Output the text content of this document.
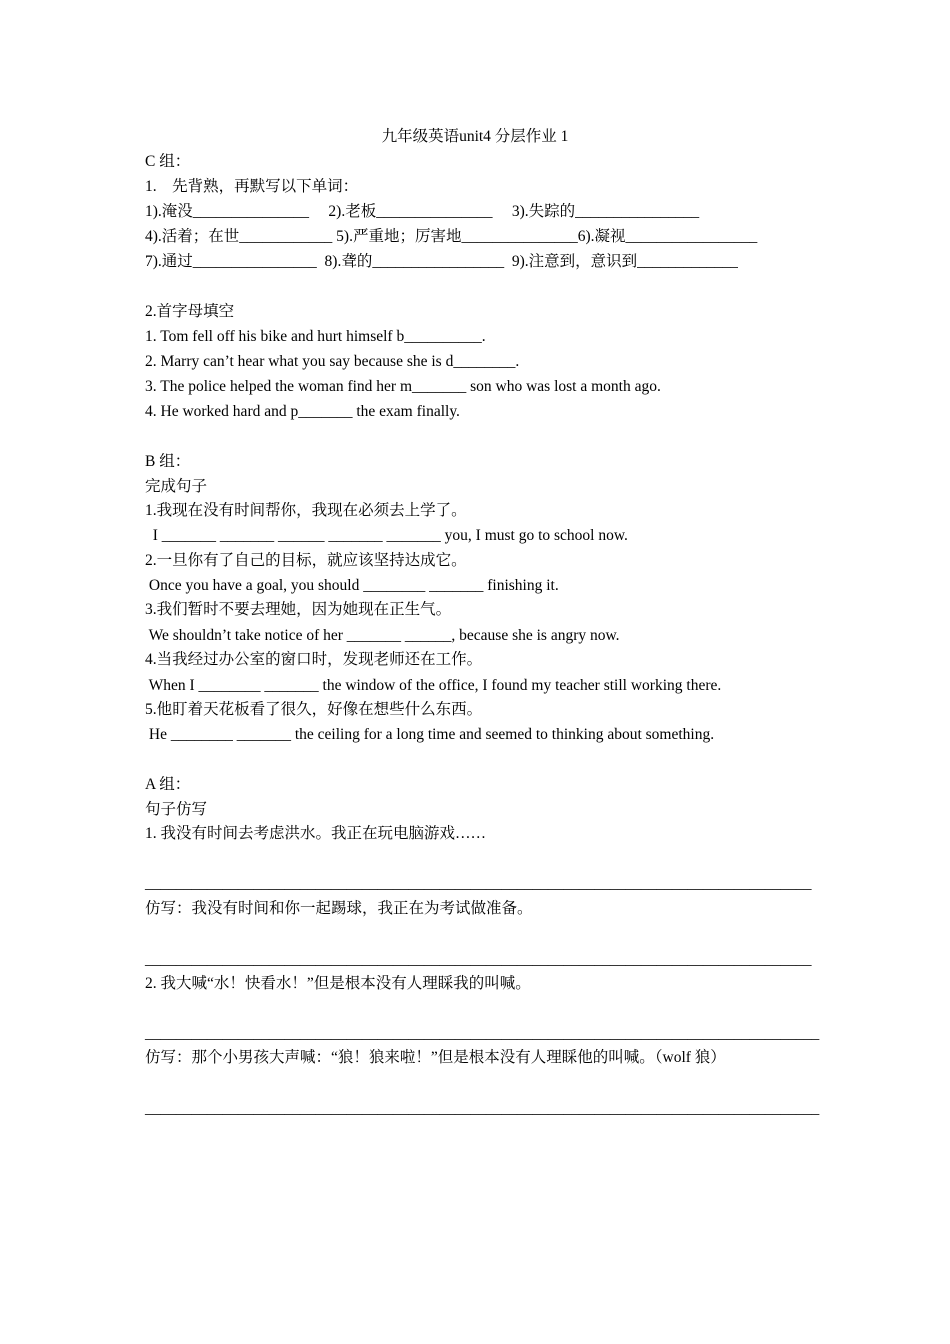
九年级英语unit4 分层作业 1
C 组：
1.    先背熟，再默写以下单词：
1).淹没_______________     2).老板_______________     3).失踪的________________
4).活着；在世____________ 5).严重地；厉害地_______________6).凝视_________________
7).通过________________  8).聋的_________________  9).注意到，意识到_____________
2.首字母填空
1. Tom fell off his bike and hurt himself b__________.
2. Marry can’t hear what you say because she is d________.
3. The police helped the woman find her m_______ son who was lost a month ago.
4. He worked hard and p_______ the exam finally.
B 组：
完成句子
1.我现在没有时间帮你，我现在必须去上学了。
I _______ _______ ______ _______ _______ you, I must go to school now.
2.一旦你有了自己的目标，就应该坚持达成它。
Once you have a goal, you should ________ _______ finishing it.
3.我们暂时不要去理她，因为她现在正生气。
We shouldn’t take notice of her _______ ______, because she is angry now.
4.当我经过办公室的窗口时，发现老师还在工作。
When I ________ _______ the window of the office, I found my teacher still working there.
5.他盯着天花板看了很久，好像在想些什么东西。
He ________ _______ the ceiling for a long time and seemed to thinking about something.
A 组：
句子仿写
1. 我没有时间去考虑洪水。我正在玩电脑游戏……
______________________________________________________________________________________
仿写：我没有时间和你一起踢球，我正在为考试做准备。
______________________________________________________________________________________
2. 我大喊“水！快看水！”但是根本没有人理睬我的叫喊。
_______________________________________________________________________________________
仿写：那个小男孩大声喊：“狼！狼来啦！”但是根本没有人理睬他的叫喊。（wolf 狼）
_______________________________________________________________________________________
